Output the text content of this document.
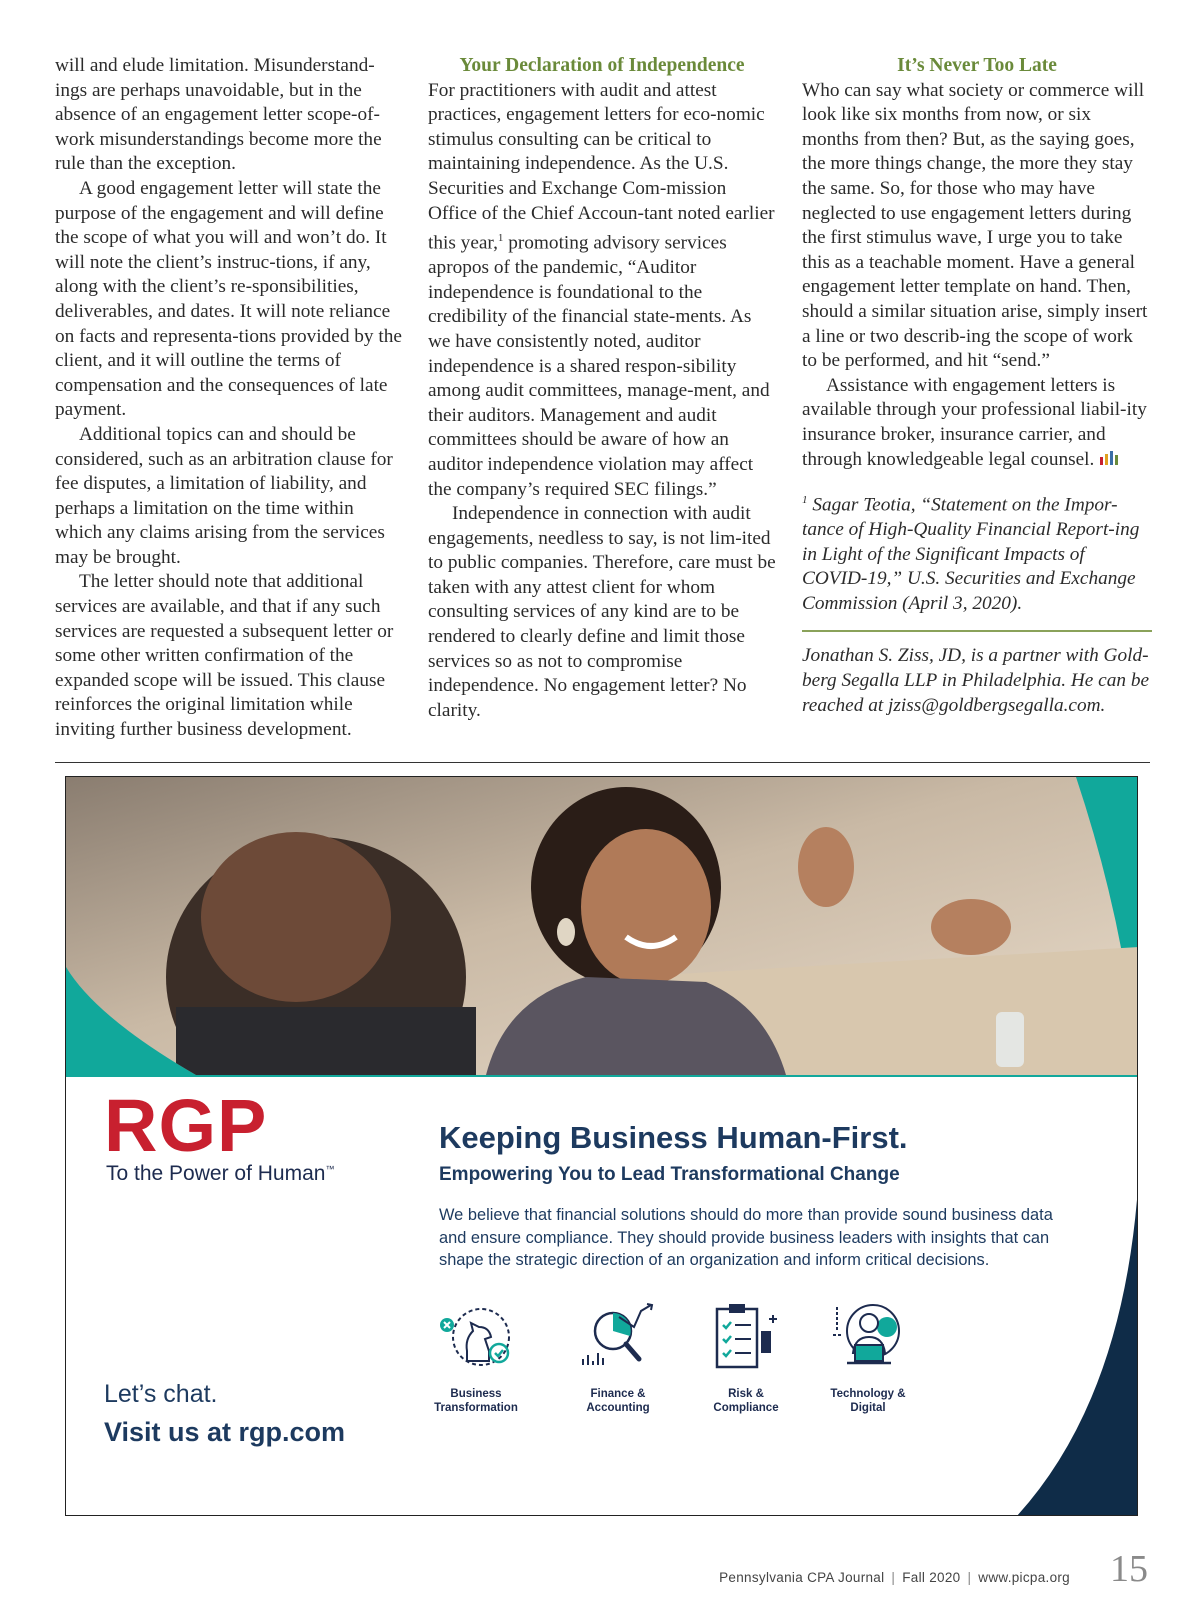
will and elude limitation. Misunderstand-ings are perhaps unavoidable, but in the absence of an engagement letter scope-of-work misunderstandings become more the rule than the exception.

A good engagement letter will state the purpose of the engagement and will define the scope of what you will and won’t do. It will note the client’s instruc-tions, if any, along with the client’s re-sponsibilities, deliverables, and dates. It will note reliance on facts and representa-tions provided by the client, and it will outline the terms of compensation and the consequences of late payment.

Additional topics can and should be considered, such as an arbitration clause for fee disputes, a limitation of liability, and perhaps a limitation on the time within which any claims arising from the services may be brought.

The letter should note that additional services are available, and that if any such services are requested a subsequent letter or some other written confirmation of the expanded scope will be issued. This clause reinforces the original limitation while inviting further business development.

Your Declaration of Independence

For practitioners with audit and attest practices, engagement letters for eco-nomic stimulus consulting can be critical to maintaining independence. As the U.S. Securities and Exchange Com-mission Office of the Chief Accoun-tant noted earlier this year,$^1$ promoting advisory services apropos of the pandemic, “Auditor independence is foundational to the credibility of the financial state-ments. As we have consistently noted, auditor independence is a shared respon-sibility among audit committees, manage-ment, and their auditors. Management and audit committees should be aware of how an auditor independence violation may affect the company’s required SEC filings.”

Independence in connection with audit engagements, needless to say, is not lim-ited to public companies. Therefore, care must be taken with any attest client for whom consulting services of any kind are to be rendered to clearly define and limit those services so as not to compromise independence. No engagement letter? No clarity.

It’s Never Too Late

Who can say what society or commerce will look like six months from now, or six months from then? But, as the saying goes, the more things change, the more they stay the same. So, for those who may have neglected to use engagement letters during the first stimulus wave, I urge you to take this as a teachable moment. Have a general engagement letter template on hand. Then, should a similar situation arise, simply insert a line or two describ-ing the scope of work to be performed, and hit “send.”

Assistance with engagement letters is available through your professional liabil-ity insurance broker, insurance carrier, and through knowledgeable legal counsel.

$^1$ Sagar Teotia, “Statement on the Impor-tance of High-Quality Financial Report-ing in Light of the Significant Impacts of COVID-19,” U.S. Securities and Exchange Commission (April 3, 2020).

Jonathan S. Ziss, JD, is a partner with Gold-berg Segalla LLP in Philadelphia. He can be reached at jziss@goldbergsegalla.com.

RGP
To the Power of Human™
Keeping Business Human-First.
Empowering You to Lead Transformational Change
We believe that financial solutions should do more than provide sound business data and ensure compliance. They should provide business leaders with insights that can shape the strategic direction of an organization and inform critical decisions.
Business
Transformation
Finance &
Accounting
Risk &
Compliance
Technology &
Digital
Let’s chat.
Visit us at rgp.com
Pennsylvania CPA Journal | Fall 2020 | www.picpa.org 15
